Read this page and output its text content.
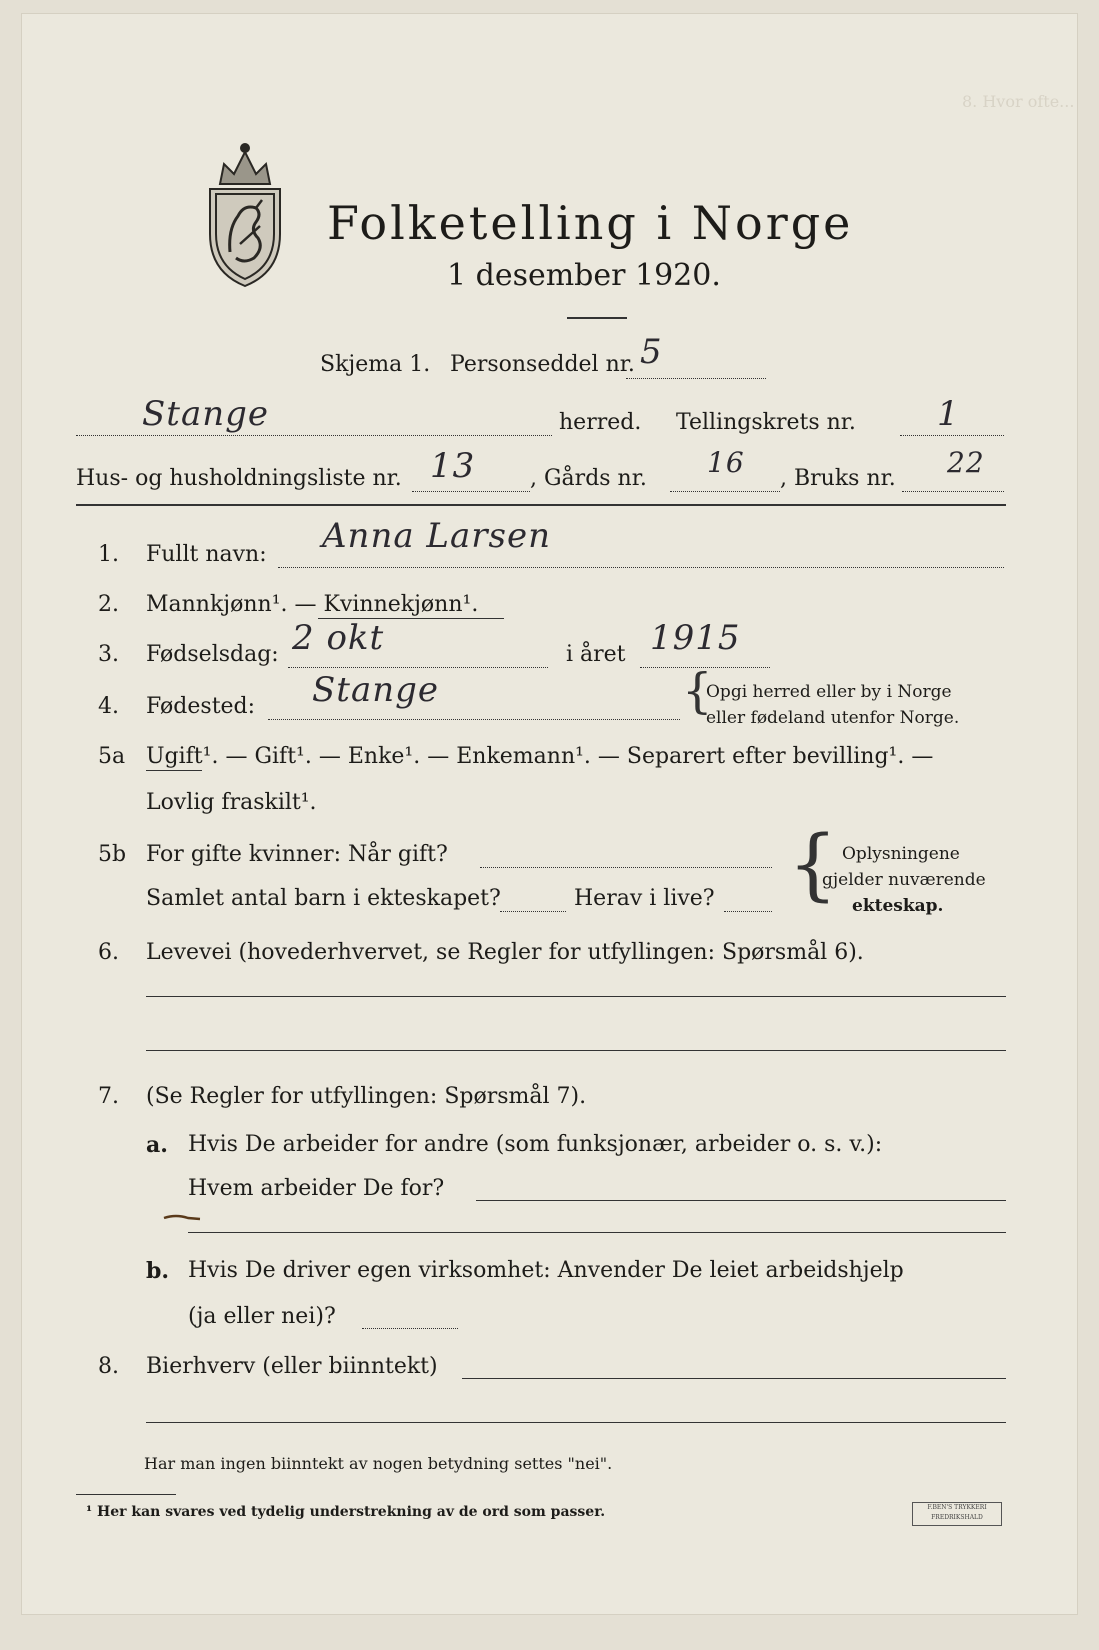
8. Hvor ofte...
Folketelling i Norge
1 desember 1920.
Skjema 1. Personseddel nr. 5
Stange	herred. Tellingskrets nr. 1
Hus- og husholdningsliste nr. 13 , Gårds nr. 16 , Bruks nr. 22
1. Fullt navn: Anna Larsen
2. Mannkjønn¹. — Kvinnekjønn¹.
3. Fødselsdag: 2 okt	i året 1915
4. Fødested: Stange	{
Opgi herred eller by i Norge
eller fødeland utenfor Norge.
5a Ugift¹. — Gift¹. — Enke¹. — Enkemann¹. — Separert efter bevilling¹. —
Lovlig fraskilt¹.
5b For gifte kvinner: Når gift?
Samlet antal barn i ekteskapet?	Herav i live? { Oplysningene
gjelder nuværende
ekteskap.
6. Levevei (hovederhvervet, se Regler for utfyllingen: Spørsmål 6).
7. (Se Regler for utfyllingen: Spørsmål 7).
a. Hvis De arbeider for andre (som funksjonær, arbeider o. s. v.):
Hvem arbeider De for?
b. Hvis De driver egen virksomhet: Anvender De leiet arbeidshjelp
(ja eller nei)?
8. Bierhverv (eller biinntekt)
Har man ingen biinntekt av nogen betydning settes "nei".
¹ Her kan svares ved tydelig understrekning av de ord som passer.	F.BEN'S TRYKKERI
FREDRIKSHALD
